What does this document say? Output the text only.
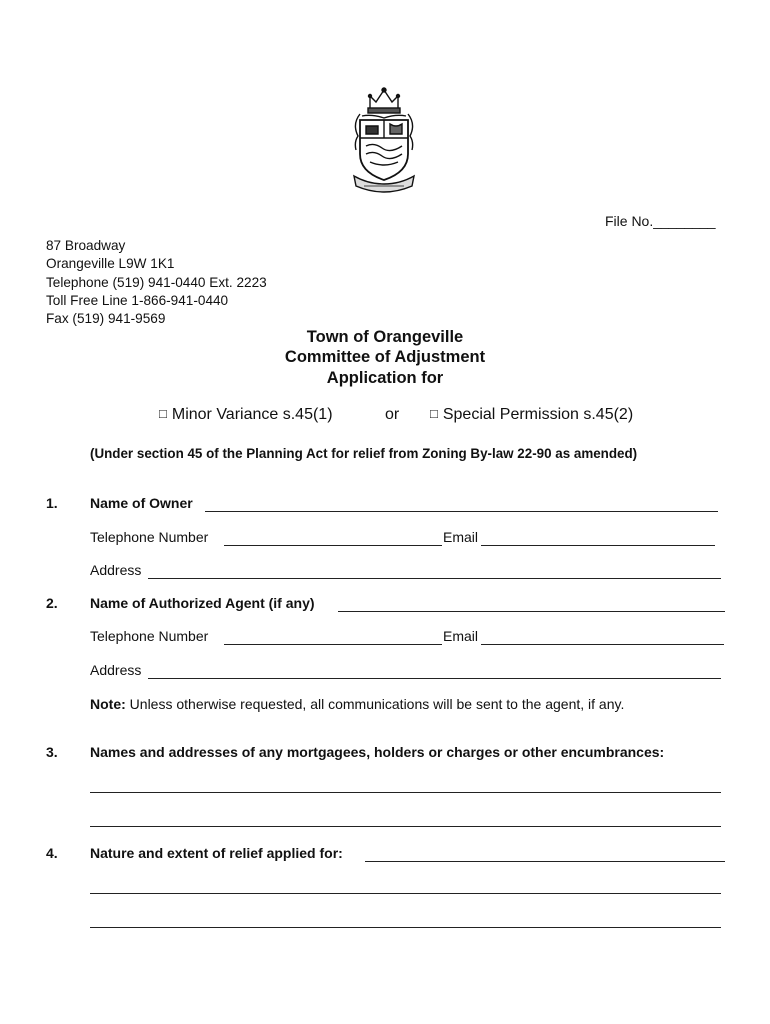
File No.________
87 Broadway
Orangeville L9W 1K1
Telephone (519) 941-0440 Ext. 2223
Toll Free Line 1-866-941-0440
Fax (519) 941-9569
Town of Orangeville
Committee of Adjustment
Application for
□ Minor Variance s.45(1)	or □ Special Permission s.45(2)
(Under section 45 of the Planning Act for relief from Zoning By-law 22-90 as amended)
1. Name of Owner
Telephone Number	Email
Address
2. Name of Authorized Agent (if any)
Telephone Number	Email
Address
Note: Unless otherwise requested, all communications will be sent to the agent, if any.
3. Names and addresses of any mortgagees, holders or charges or other encumbrances:
4. Nature and extent of relief applied for:
